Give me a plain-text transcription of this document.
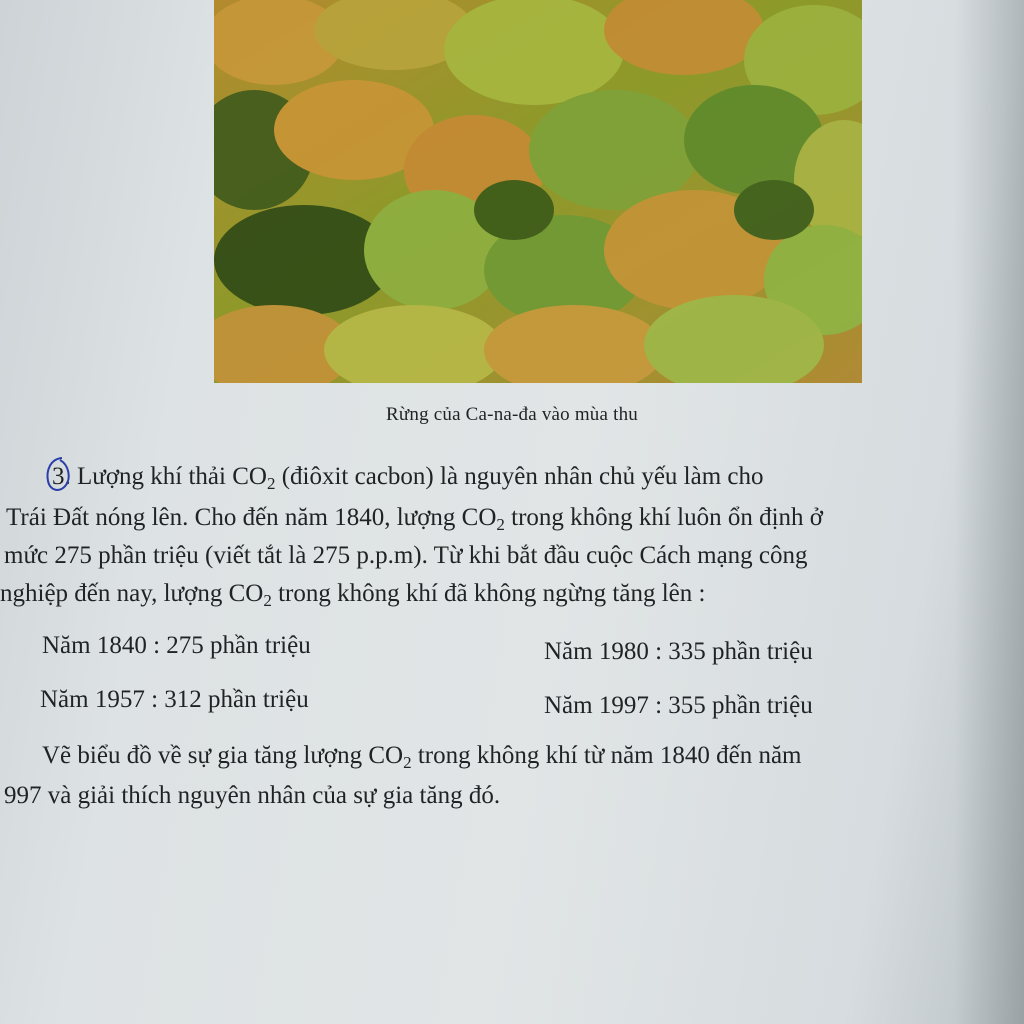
Rừng của Ca-na-đa vào mùa thu
3. Lượng khí thải $CO_2$ (điôxit cacbon) là nguyên nhân chủ yếu làm cho
Trái Đất nóng lên. Cho đến năm 1840, lượng $CO_2$ trong không khí luôn ổn định ở
mức 275 phần triệu (viết tắt là 275 p.p.m). Từ khi bắt đầu cuộc Cách mạng công
nghiệp đến nay, lượng $CO_2$ trong không khí đã không ngừng tăng lên :
Năm 1840 : 275 phần triệu	Năm 1980 : 335 phần triệu
Năm 1957 : 312 phần triệu	Năm 1997 : 355 phần triệu
Vẽ biểu đồ về sự gia tăng lượng $CO_2$ trong không khí từ năm 1840 đến năm
997 và giải thích nguyên nhân của sự gia tăng đó.
